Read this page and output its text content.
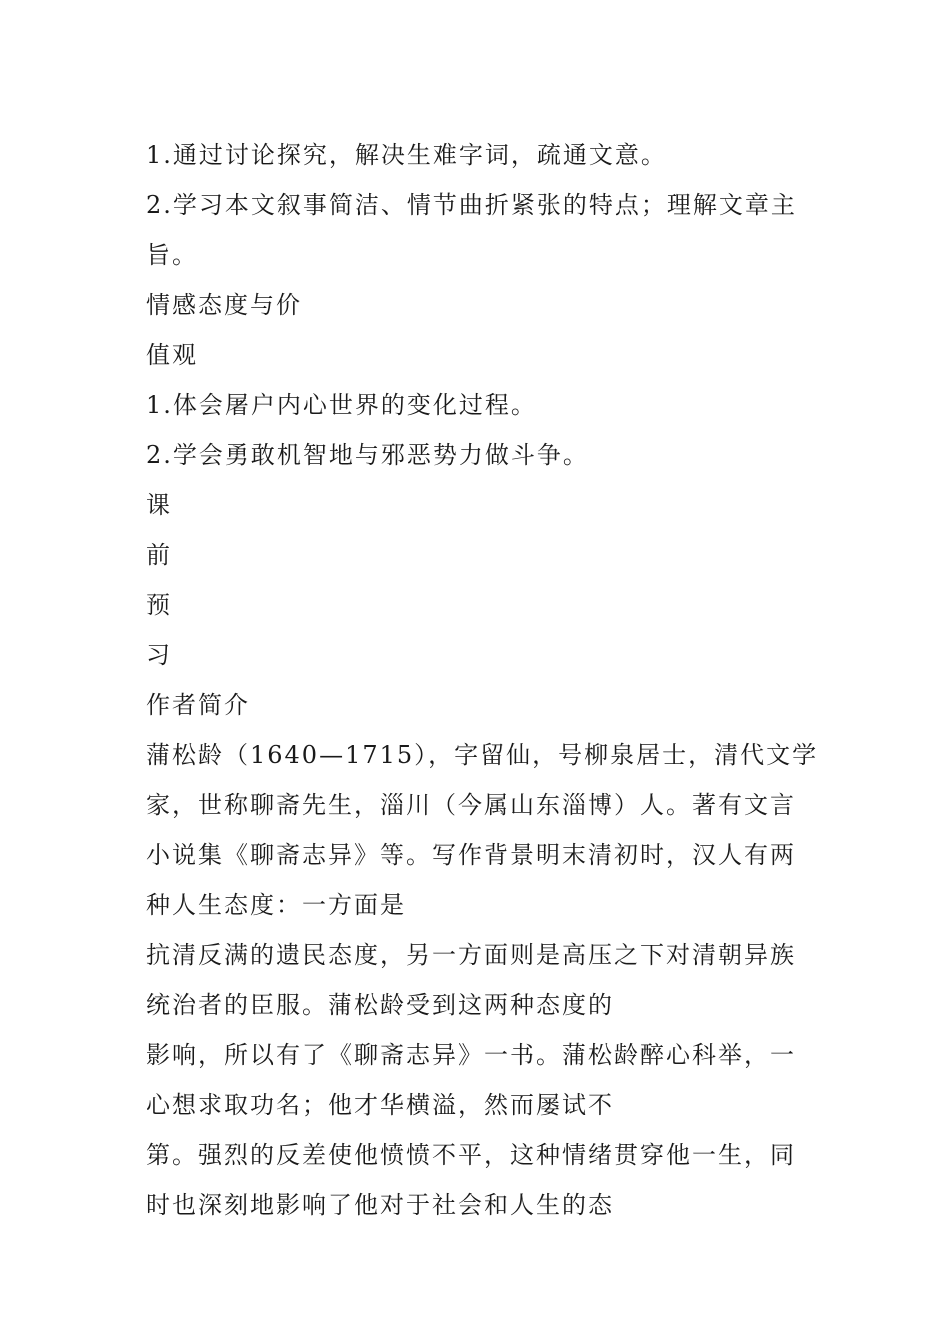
1.通过讨论探究，解决生难字词，疏通文意。
2.学习本文叙事简洁、情节曲折紧张的特点；理解文章主
旨。
情感态度与价
值观
1.体会屠户内心世界的变化过程。
2.学会勇敢机智地与邪恶势力做斗争。
课
前
预
习
作者简介
蒲松龄（1640—1715），字留仙，号柳泉居士，清代文学
家，世称聊斋先生，淄川（今属山东淄博）人。著有文言
小说集《聊斋志异》等。写作背景明末清初时，汉人有两
种人生态度：一方面是
抗清反满的遗民态度，另一方面则是高压之下对清朝异族
统治者的臣服。蒲松龄受到这两种态度的
影响，所以有了《聊斋志异》一书。蒲松龄醉心科举，一
心想求取功名；他才华横溢，然而屡试不
第。强烈的反差使他愤愤不平，这种情绪贯穿他一生，同
时也深刻地影响了他对于社会和人生的态
